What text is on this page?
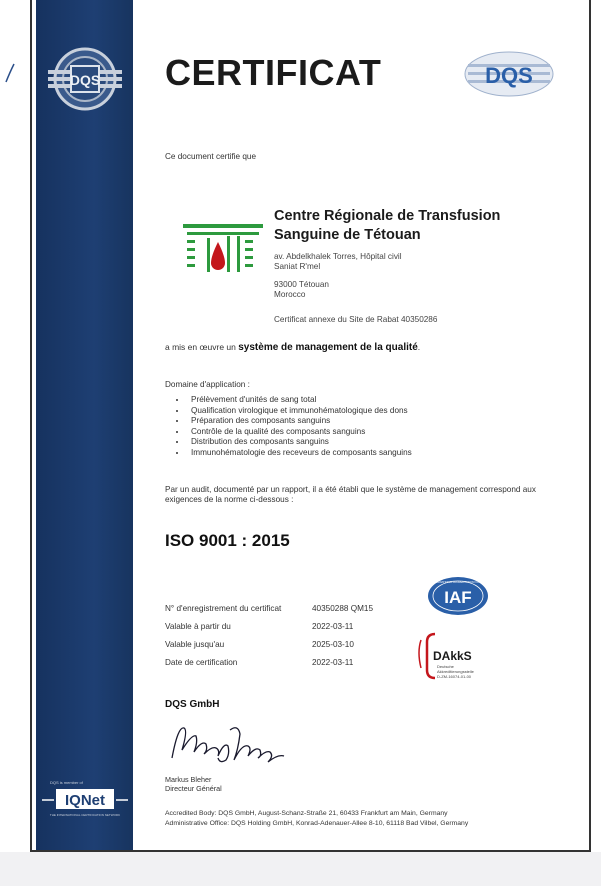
DQS
DQS is member of
IQNet
THE INTERNATIONAL CERTIFICATION NETWORK
CERTIFICAT	DQS
Ce document certifie que
Centre Régionale de Transfusion
Sanguine de Tétouan
av. Abdelkhalek Torres, Hôpital civil
Saniat R'mel
93000 Tétouan
Morocco
Certificat annexe du Site de Rabat 40350286
a mis en œuvre un système de management de la qualité.
Domaine d'application :
• Prélèvement d'unités de sang total
• Qualification virologique et immunohématologique des dons
• Préparation des composants sanguins
• Contrôle de la qualité des composants sanguins
• Distribution des composants sanguins
• Immunohématologie des receveurs de composants sanguins
Par un audit, documenté par un rapport, il a été établi que le système de management correspond aux exigences de la norme ci-dessous :
ISO 9001 : 2015
N° d'enregistrement du certificat	40350288 QM15
Valable à partir du	2022-03-11
Valable jusqu'au	2025-03-10
Date de certification	2022-03-11
INTERNATIONAL ACCREDITATION FORUM
IAF
DAkkS
Deutsche
Akkreditierungsstelle
D-ZM-16074-01-00
DQS GmbH
Markus Bleher
Directeur Général
Accredited Body: DQS GmbH, August-Schanz-Straße 21, 60433 Frankfurt am Main, Germany
Administrative Office: DQS Holding GmbH, Konrad-Adenauer-Allee 8-10, 61118 Bad Vilbel, Germany
